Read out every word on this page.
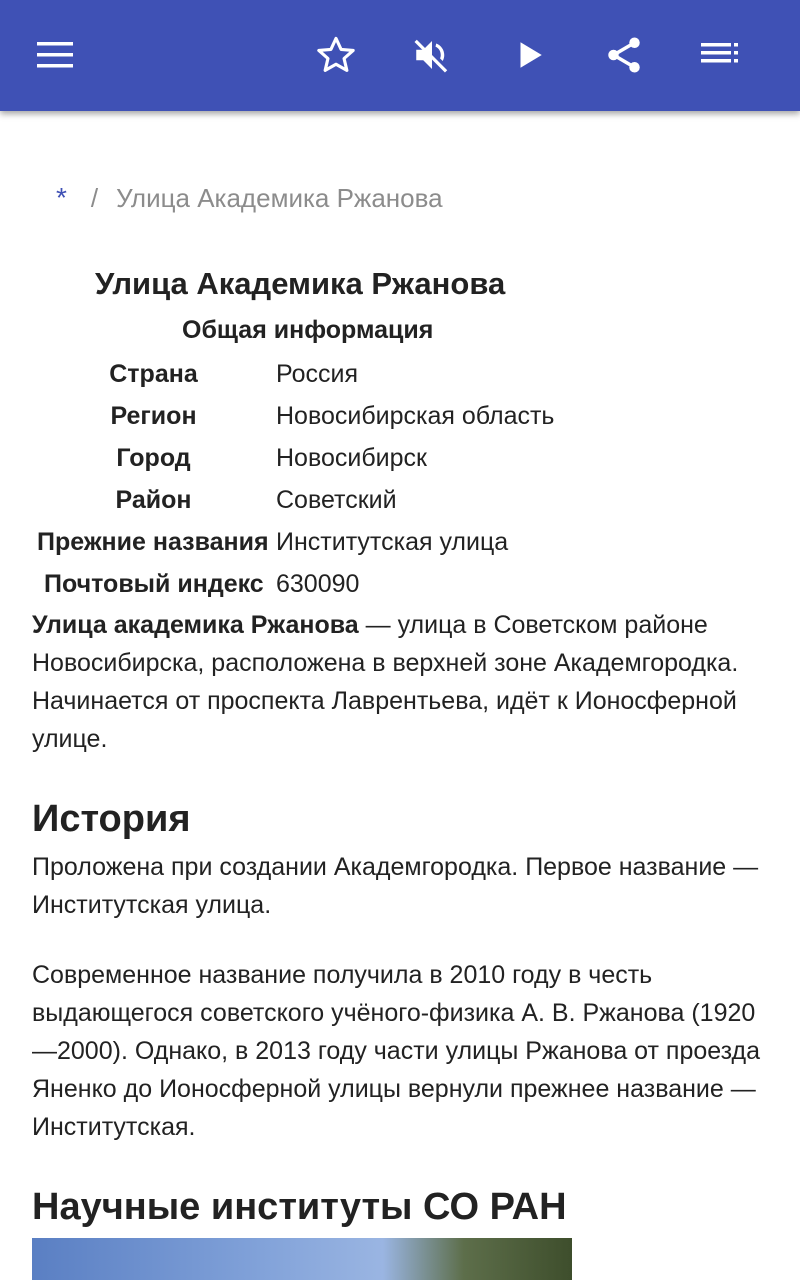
* / Улица Академика Ржанова
Улица Академика Ржанова
Общая информация
Страна	Россия
Регион	Новосибирская область
Город	Новосибирск
Район	Советский
Прежние названия Институтская улица
Почтовый индекс 630090
Улица академика Ржанова — улица в Советском районе Новосибирска, расположена в верхней зоне Академгородка. Начинается от проспекта Лаврентьева, идёт к Ионосферной улице.
История
Проложена при создании Академгородка. Первое название — Институтская улица.
Современное название получила в 2010 году в честь выдающегося советского учёного-физика А. В. Ржанова (1920—2000). Однако, в 2013 году части улицы Ржанова от проезда Яненко до Ионосферной улицы вернули прежнее название — Институтская.
Научные институты СО РАН
